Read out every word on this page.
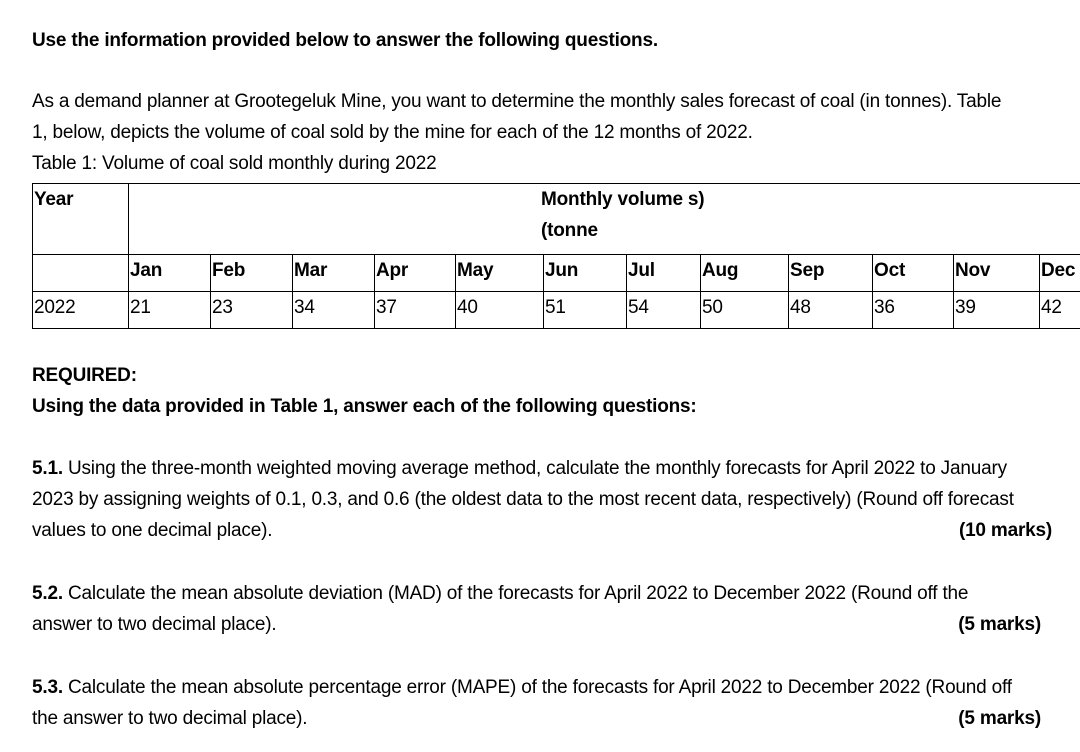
Use the information provided below to answer the following questions.
As a demand planner at Grootegeluk Mine, you want to determine the monthly sales forecast of coal (in tonnes). Table
1, below, depicts the volume of coal sold by the mine for each of the 12 months of 2022.
Table 1: Volume of coal sold monthly during 2022
Year	Monthly volume s)
(tonne											

	Jan	Feb	Mar	Apr	May	Jun	Jul	Aug	Sep	Oct	Nov	Dec
2022	21	23	34	37	40	51	54	50	48	36	39	42
REQUIRED:
Using the data provided in Table 1, answer each of the following questions:
5.1. Using the three-month weighted moving average method, calculate the monthly forecasts for April 2022 to January
2023 by assigning weights of 0.1, 0.3, and 0.6 (the oldest data to the most recent data, respectively) (Round off forecast
values to one decimal place).	(10 marks)
5.2. Calculate the mean absolute deviation (MAD) of the forecasts for April 2022 to December 2022 (Round off the
answer to two decimal place).	(5 marks)
5.3. Calculate the mean absolute percentage error (MAPE) of the forecasts for April 2022 to December 2022 (Round off
the answer to two decimal place).	(5 marks)
